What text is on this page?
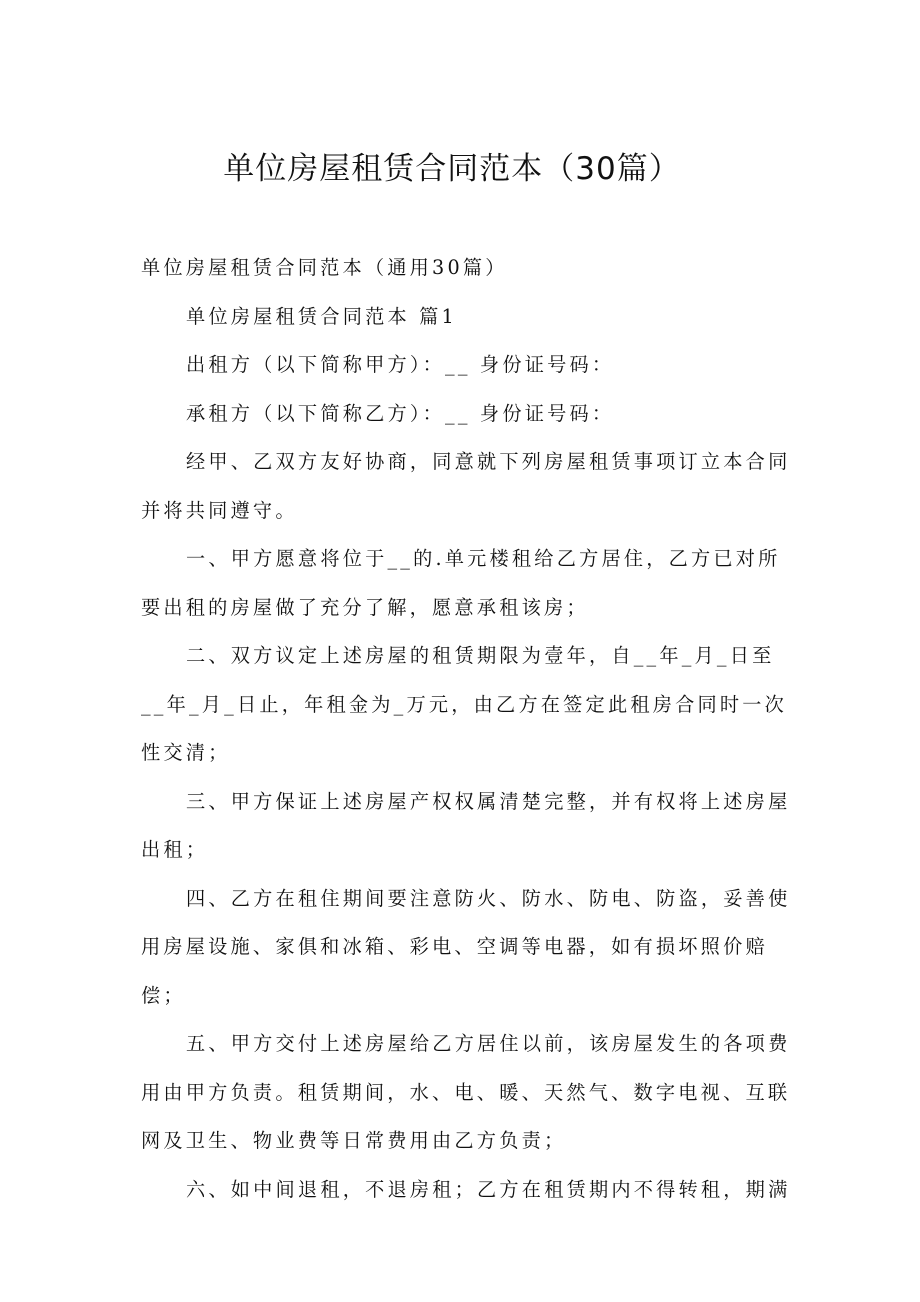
单位房屋租赁合同范本（30篇）

单位房屋租赁合同范本（通用30篇）

单位房屋租赁合同范本 篇1

出租方（以下简称甲方）：__ 身份证号码：

承租方（以下简称乙方）：__ 身份证号码：

经甲、乙双方友好协商，同意就下列房屋租赁事项订立本合同并将共同遵守。

一、甲方愿意将位于__的.单元楼租给乙方居住，乙方已对所要出租的房屋做了充分了解，愿意承租该房；

二、双方议定上述房屋的租赁期限为壹年，自__年_月_日至__年_月_日止，年租金为_万元，由乙方在签定此租房合同时一次性交清；

三、甲方保证上述房屋产权权属清楚完整，并有权将上述房屋出租；

四、乙方在租住期间要注意防火、防水、防电、防盗，妥善使用房屋设施、家俱和冰箱、彩电、空调等电器，如有损坏照价赔偿；

五、甲方交付上述房屋给乙方居住以前，该房屋发生的各项费用由甲方负责。租赁期间，水、电、暖、天然气、数字电视、互联网及卫生、物业费等日常费用由乙方负责；

六、如中间退租，不退房租；乙方在租赁期内不得转租，期满
